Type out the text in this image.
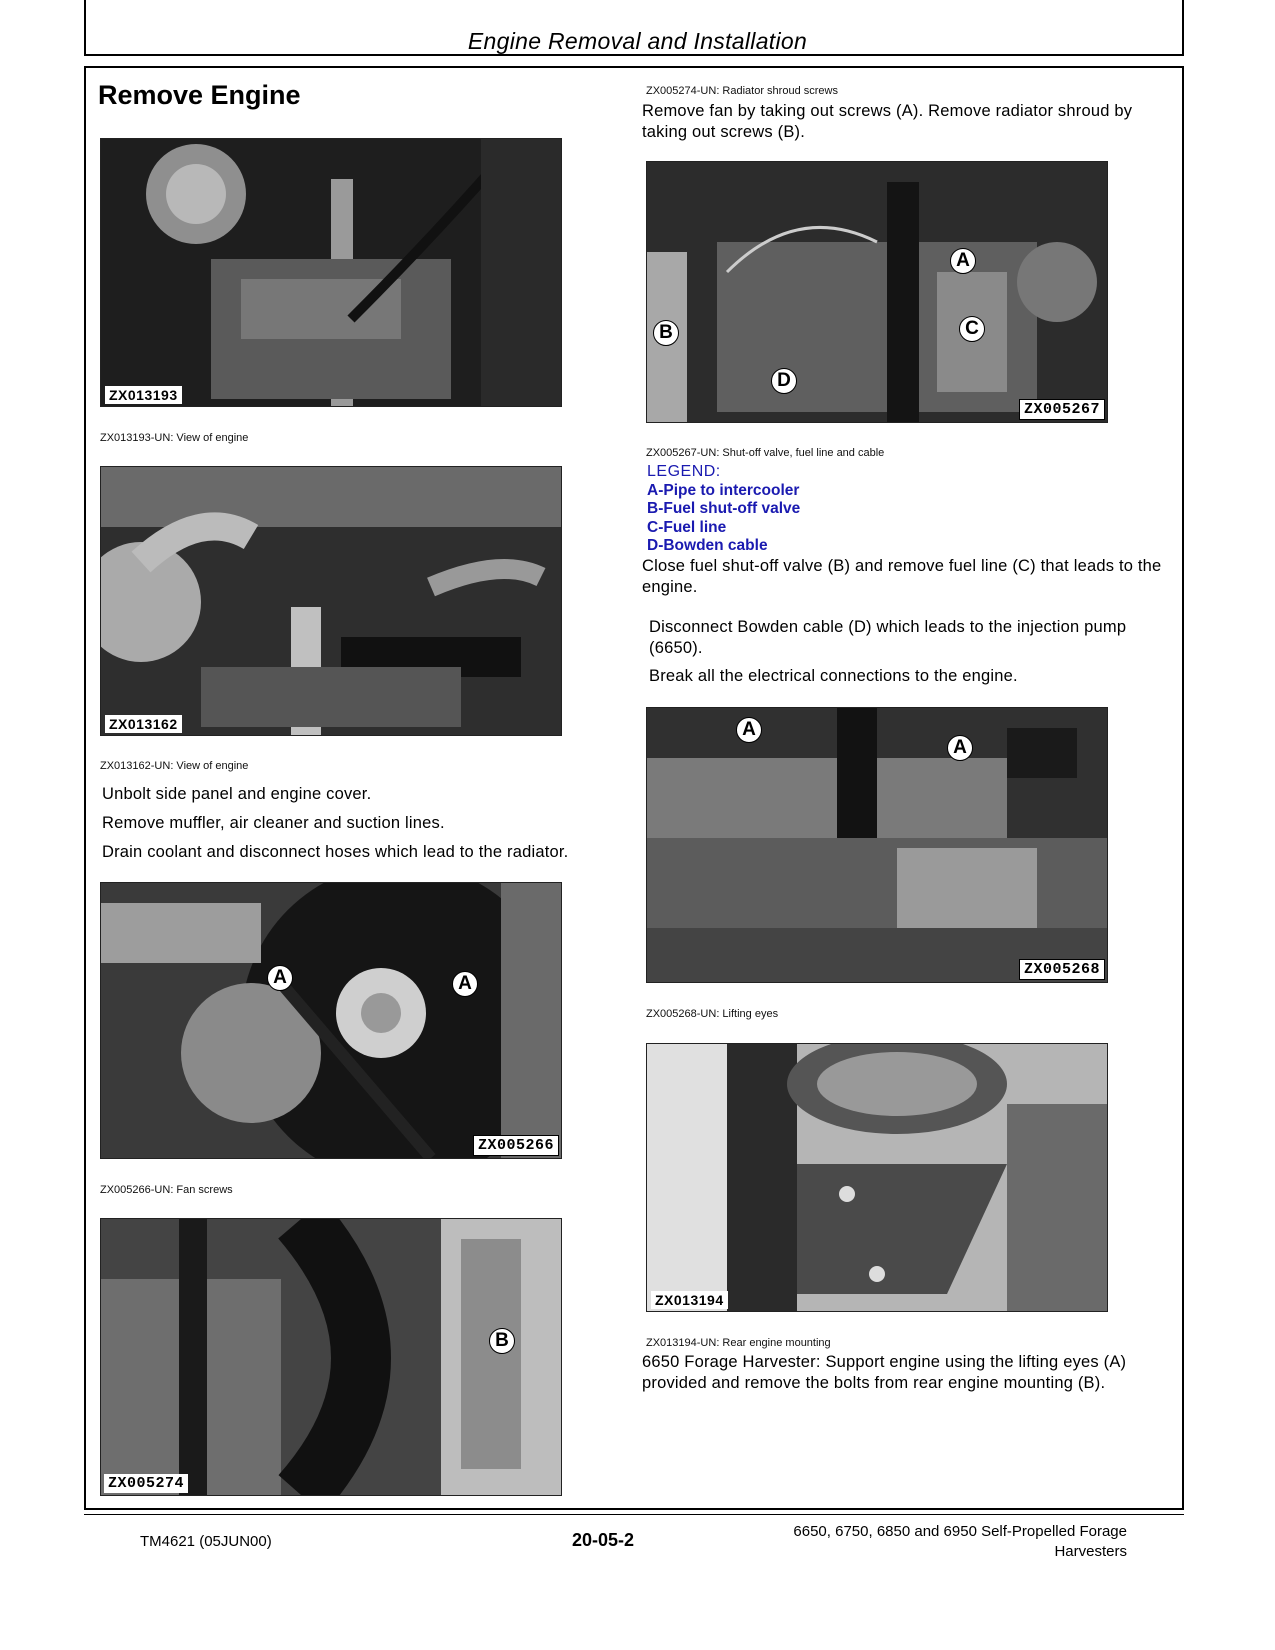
Engine Removal and Installation
Remove Engine
ZX013193
ZX013193-UN: View of engine
ZX013162
ZX013162-UN: View of engine
Unbolt side panel and engine cover.
Remove muffler, air cleaner and suction lines.
Drain coolant and disconnect hoses which lead to the radiator.
A	A
ZX005266
ZX005266-UN: Fan screws
B
ZX005274
ZX005274-UN: Radiator shroud screws
Remove fan by taking out screws (A). Remove radiator shroud by taking out screws (B).
A
B	C
D
ZX005267
ZX005267-UN: Shut-off valve, fuel line and cable
LEGEND:
A-Pipe to intercooler
B-Fuel shut-off valve
C-Fuel line
D-Bowden cable
Close fuel shut-off valve (B) and remove fuel line (C) that leads to the engine.
Disconnect Bowden cable (D) which leads to the injection pump (6650).
Break all the electrical connections to the engine.
A
A
ZX005268
ZX005268-UN: Lifting eyes
ZX013194
ZX013194-UN: Rear engine mounting
6650 Forage Harvester: Support engine using the lifting eyes (A) provided and remove the bolts from rear engine mounting (B).
TM4621 (05JUN00)	20-05-2	6650, 6750, 6850 and 6950 Self-Propelled Forage
Harvesters
